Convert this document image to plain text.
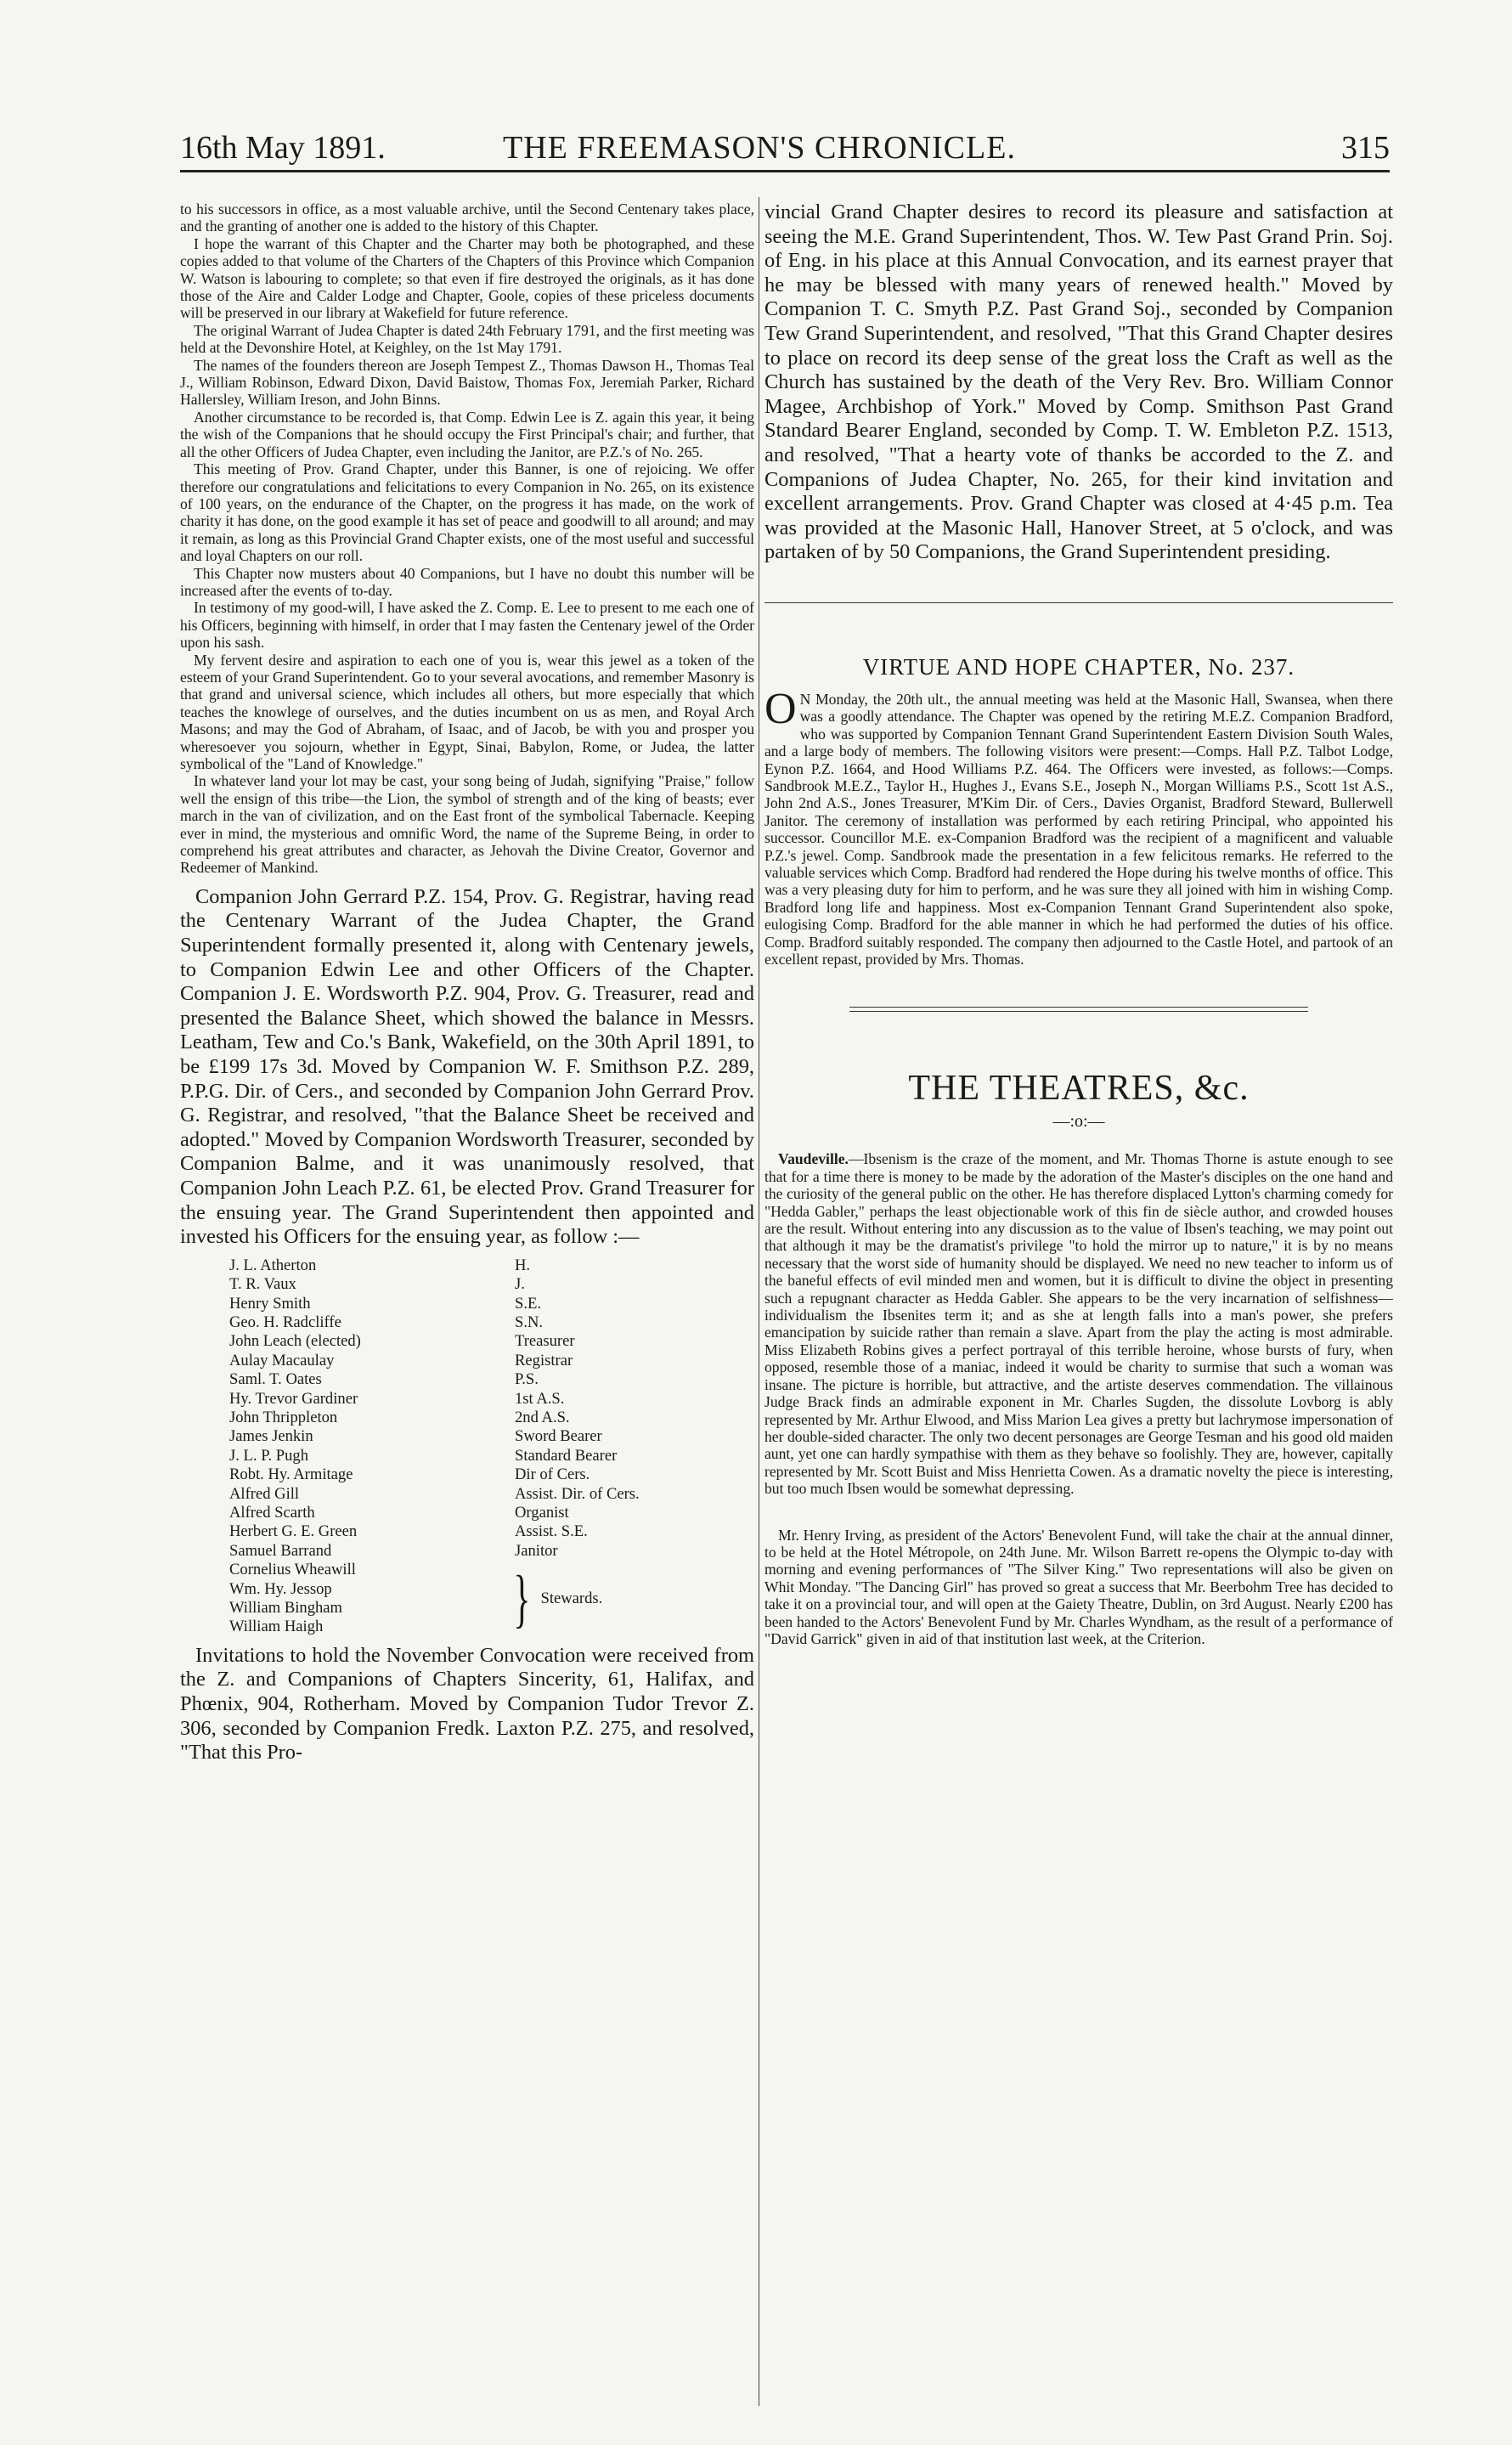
16th May 1891.	THE FREEMASON'S CHRONICLE.	315

to his successors in office, as a most valuable archive, until the Second Centenary takes place, and the granting of another one is added to the history of this Chapter.

I hope the warrant of this Chapter and the Charter may both be photographed, and these copies added to that volume of the Charters of the Chapters of this Province which Companion W. Watson is labouring to complete; so that even if fire destroyed the originals, as it has done those of the Aire and Calder Lodge and Chapter, Goole, copies of these priceless documents will be preserved in our library at Wakefield for future reference.

The original Warrant of Judea Chapter is dated 24th February 1791, and the first meeting was held at the Devonshire Hotel, at Keighley, on the 1st May 1791.

The names of the founders thereon are Joseph Tempest Z., Thomas Dawson H., Thomas Teal J., William Robinson, Edward Dixon, David Baistow, Thomas Fox, Jeremiah Parker, Richard Hallersley, William Ireson, and John Binns.

Another circumstance to be recorded is, that Comp. Edwin Lee is Z. again this year, it being the wish of the Companions that he should occupy the First Principal's chair; and further, that all the other Officers of Judea Chapter, even including the Janitor, are P.Z.'s of No. 265.

This meeting of Prov. Grand Chapter, under this Banner, is one of rejoicing. We offer therefore our congratulations and felicitations to every Companion in No. 265, on its existence of 100 years, on the endurance of the Chapter, on the progress it has made, on the work of charity it has done, on the good example it has set of peace and goodwill to all around; and may it remain, as long as this Provincial Grand Chapter exists, one of the most useful and successful and loyal Chapters on our roll.

This Chapter now musters about 40 Companions, but I have no doubt this number will be increased after the events of to-day.

In testimony of my good-will, I have asked the Z. Comp. E. Lee to present to me each one of his Officers, beginning with himself, in order that I may fasten the Centenary jewel of the Order upon his sash.

My fervent desire and aspiration to each one of you is, wear this jewel as a token of the esteem of your Grand Superintendent. Go to your several avocations, and remember Masonry is that grand and universal science, which includes all others, but more especially that which teaches the knowlege of ourselves, and the duties incumbent on us as men, and Royal Arch Masons; and may the God of Abraham, of Isaac, and of Jacob, be with you and prosper you wheresoever you sojourn, whether in Egypt, Sinai, Babylon, Rome, or Judea, the latter symbolical of the "Land of Knowledge."

In whatever land your lot may be cast, your song being of Judah, signifying "Praise," follow well the ensign of this tribe—the Lion, the symbol of strength and of the king of beasts; ever march in the van of civilization, and on the East front of the symbolical Tabernacle. Keeping ever in mind, the mysterious and omnific Word, the name of the Supreme Being, in order to comprehend his great attributes and character, as Jehovah the Divine Creator, Governor and Redeemer of Mankind.

Companion John Gerrard P.Z. 154, Prov. G. Registrar, having read the Centenary Warrant of the Judea Chapter, the Grand Superintendent formally presented it, along with Centenary jewels, to Companion Edwin Lee and other Officers of the Chapter. Companion J. E. Wordsworth P.Z. 904, Prov. G. Treasurer, read and presented the Balance Sheet, which showed the balance in Messrs. Leatham, Tew and Co.'s Bank, Wakefield, on the 30th April 1891, to be £199 17s 3d. Moved by Companion W. F. Smithson P.Z. 289, P.P.G. Dir. of Cers., and seconded by Companion John Gerrard Prov. G. Registrar, and resolved, "that the Balance Sheet be received and adopted." Moved by Companion Wordsworth Treasurer, seconded by Companion Balme, and it was unanimously resolved, that Companion John Leach P.Z. 61, be elected Prov. Grand Treasurer for the ensuing year. The Grand Superintendent then appointed and invested his Officers for the ensuing year, as follow :—

J. L. Atherton	H.
T. R. Vaux	J.
Henry Smith	S.E.
Geo. H. Radcliffe	S.N.
John Leach (elected)	Treasurer
Aulay Macaulay	Registrar
Saml. T. Oates	P.S.
Hy. Trevor Gardiner	1st A.S.
John Thrippleton	2nd A.S.
James Jenkin	Sword Bearer
J. L. P. Pugh	Standard Bearer
Robt. Hy. Armitage	Dir of Cers.
Alfred Gill	Assist. Dir. of Cers.
Alfred Scarth	Organist
Herbert G. E. Green	Assist. S.E.
Samuel Barrand	Janitor
Cornelius Wheawill
Wm. Hy. Jessop
William Bingham
William Haigh	} Stewards.

Invitations to hold the November Convocation were received from the Z. and Companions of Chapters Sincerity, 61, Halifax, and Phœnix, 904, Rotherham. Moved by Companion Tudor Trevor Z. 306, seconded by Companion Fredk. Laxton P.Z. 275, and resolved, "That this Pro-

vincial Grand Chapter desires to record its pleasure and satisfaction at seeing the M.E. Grand Superintendent, Thos. W. Tew Past Grand Prin. Soj. of Eng. in his place at this Annual Convocation, and its earnest prayer that he may be blessed with many years of renewed health." Moved by Companion T. C. Smyth P.Z. Past Grand Soj., seconded by Companion Tew Grand Superintendent, and resolved, "That this Grand Chapter desires to place on record its deep sense of the great loss the Craft as well as the Church has sustained by the death of the Very Rev. Bro. William Connor Magee, Archbishop of York." Moved by Comp. Smithson Past Grand Standard Bearer England, seconded by Comp. T. W. Embleton P.Z. 1513, and resolved, "That a hearty vote of thanks be accorded to the Z. and Companions of Judea Chapter, No. 265, for their kind invitation and excellent arrangements. Prov. Grand Chapter was closed at 4·45 p.m. Tea was provided at the Masonic Hall, Hanover Street, at 5 o'clock, and was partaken of by 50 Companions, the Grand Superintendent presiding.

VIRTUE AND HOPE CHAPTER, No. 237.

O N Monday, the 20th ult., the annual meeting was held at the Masonic Hall, Swansea, when there was a goodly attendance. The Chapter was opened by the retiring M.E.Z. Companion Bradford, who was supported by Companion Tennant Grand Superintendent Eastern Division South Wales, and a large body of members. The following visitors were present:—Comps. Hall P.Z. Talbot Lodge, Eynon P.Z. 1664, and Hood Williams P.Z. 464. The Officers were invested, as follows:—Comps. Sandbrook M.E.Z., Taylor H., Hughes J., Evans S.E., Joseph N., Morgan Williams P.S., Scott 1st A.S., John 2nd A.S., Jones Treasurer, M'Kim Dir. of Cers., Davies Organist, Bradford Steward, Bullerwell Janitor. The ceremony of installation was performed by each retiring Principal, who appointed his successor. Councillor M.E. ex-Companion Bradford was the recipient of a magnificent and valuable P.Z.'s jewel. Comp. Sandbrook made the presentation in a few felicitous remarks. He referred to the valuable services which Comp. Bradford had rendered the Hope during his twelve months of office. This was a very pleasing duty for him to perform, and he was sure they all joined with him in wishing Comp. Bradford long life and happiness. Most ex-Companion Tennant Grand Superintendent also spoke, eulogising Comp. Bradford for the able manner in which he had performed the duties of his office. Comp. Bradford suitably responded. The company then adjourned to the Castle Hotel, and partook of an excellent repast, provided by Mrs. Thomas.

THE THEATRES, &c.
—:o:—

Vaudeville.—Ibsenism is the craze of the moment, and Mr. Thomas Thorne is astute enough to see that for a time there is money to be made by the adoration of the Master's disciples on the one hand and the curiosity of the general public on the other. He has therefore displaced Lytton's charming comedy for "Hedda Gabler," perhaps the least objectionable work of this fin de siècle author, and crowded houses are the result. Without entering into any discussion as to the value of Ibsen's teaching, we may point out that although it may be the dramatist's privilege "to hold the mirror up to nature," it is by no means necessary that the worst side of humanity should be displayed. We need no new teacher to inform us of the baneful effects of evil minded men and women, but it is difficult to divine the object in presenting such a repugnant character as Hedda Gabler. She appears to be the very incarnation of selfishness—individualism the Ibsenites term it; and as she at length falls into a man's power, she prefers emancipation by suicide rather than remain a slave. Apart from the play the acting is most admirable. Miss Elizabeth Robins gives a perfect portrayal of this terrible heroine, whose bursts of fury, when opposed, resemble those of a maniac, indeed it would be charity to surmise that such a woman was insane. The picture is horrible, but attractive, and the artiste deserves commendation. The villainous Judge Brack finds an admirable exponent in Mr. Charles Sugden, the dissolute Lovborg is ably represented by Mr. Arthur Elwood, and Miss Marion Lea gives a pretty but lachrymose impersonation of her double-sided character. The only two decent personages are George Tesman and his good old maiden aunt, yet one can hardly sympathise with them as they behave so foolishly. They are, however, capitally represented by Mr. Scott Buist and Miss Henrietta Cowen. As a dramatic novelty the piece is interesting, but too much Ibsen would be somewhat depressing.

Mr. Henry Irving, as president of the Actors' Benevolent Fund, will take the chair at the annual dinner, to be held at the Hotel Métropole, on 24th June. Mr. Wilson Barrett re-opens the Olympic to-day with morning and evening performances of "The Silver King." Two representations will also be given on Whit Monday. "The Dancing Girl" has proved so great a success that Mr. Beerbohm Tree has decided to take it on a provincial tour, and will open at the Gaiety Theatre, Dublin, on 3rd August. Nearly £200 has been handed to the Actors' Benevolent Fund by Mr. Charles Wyndham, as the result of a performance of "David Garrick" given in aid of that institution last week, at the Criterion.
